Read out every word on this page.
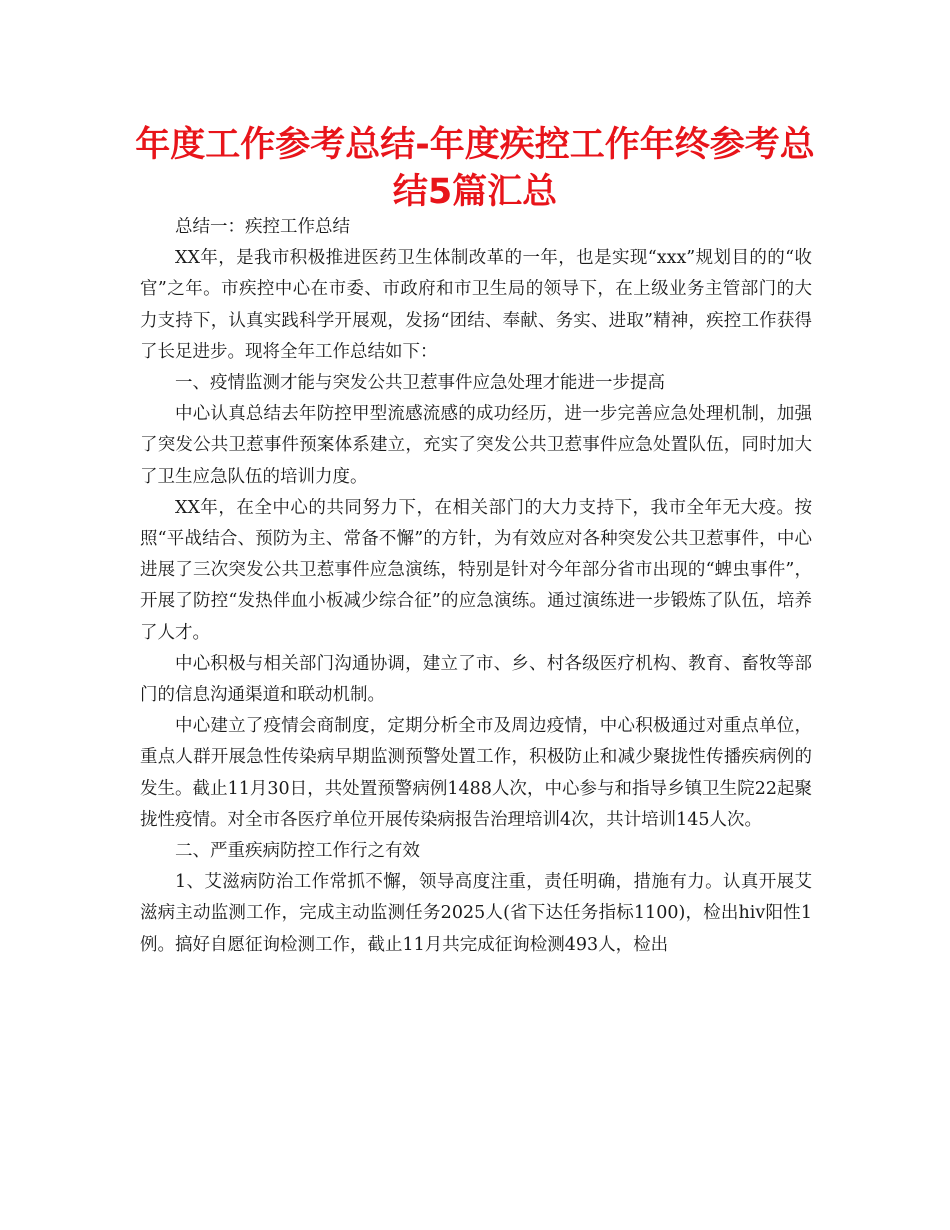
年度工作参考总结-年度疾控工作年终参考总结5篇汇总

总结一：疾控工作总结

XX年，是我市积极推进医药卫生体制改革的一年，也是实现“xxx”规划目的的“收官”之年。市疾控中心在市委、市政府和市卫生局的领导下，在上级业务主管部门的大力支持下，认真实践科学开展观，发扬“团结、奉献、务实、进取”精神，疾控工作获得了长足进步。现将全年工作总结如下：

一、疫情监测才能与突发公共卫惹事件应急处理才能进一步提高

中心认真总结去年防控甲型流感流感的成功经历，进一步完善应急处理机制，加强了突发公共卫惹事件预案体系建立，充实了突发公共卫惹事件应急处置队伍，同时加大了卫生应急队伍的培训力度。

XX年，在全中心的共同努力下，在相关部门的大力支持下，我市全年无大疫。按照“平战结合、预防为主、常备不懈”的方针，为有效应对各种突发公共卫惹事件，中心进展了三次突发公共卫惹事件应急演练，特别是针对今年部分省市出现的“蜱虫事件”，开展了防控“发热伴血小板减少综合征”的应急演练。通过演练进一步锻炼了队伍，培养了人才。

中心积极与相关部门沟通协调，建立了市、乡、村各级医疗机构、教育、畜牧等部门的信息沟通渠道和联动机制。

中心建立了疫情会商制度，定期分析全市及周边疫情，中心积极通过对重点单位，重点人群开展急性传染病早期监测预警处置工作，积极防止和减少聚拢性传播疾病例的发生。截止11月30日，共处置预警病例1488人次，中心参与和指导乡镇卫生院22起聚拢性疫情。对全市各医疗单位开展传染病报告治理培训4次，共计培训145人次。

二、严重疾病防控工作行之有效

1、艾滋病防治工作常抓不懈，领导高度注重，责任明确，措施有力。认真开展艾滋病主动监测工作，完成主动监测任务2025人(省下达任务指标1100)，检出hiv阳性1例。搞好自愿征询检测工作，截止11月共完成征询检测493人，检出
